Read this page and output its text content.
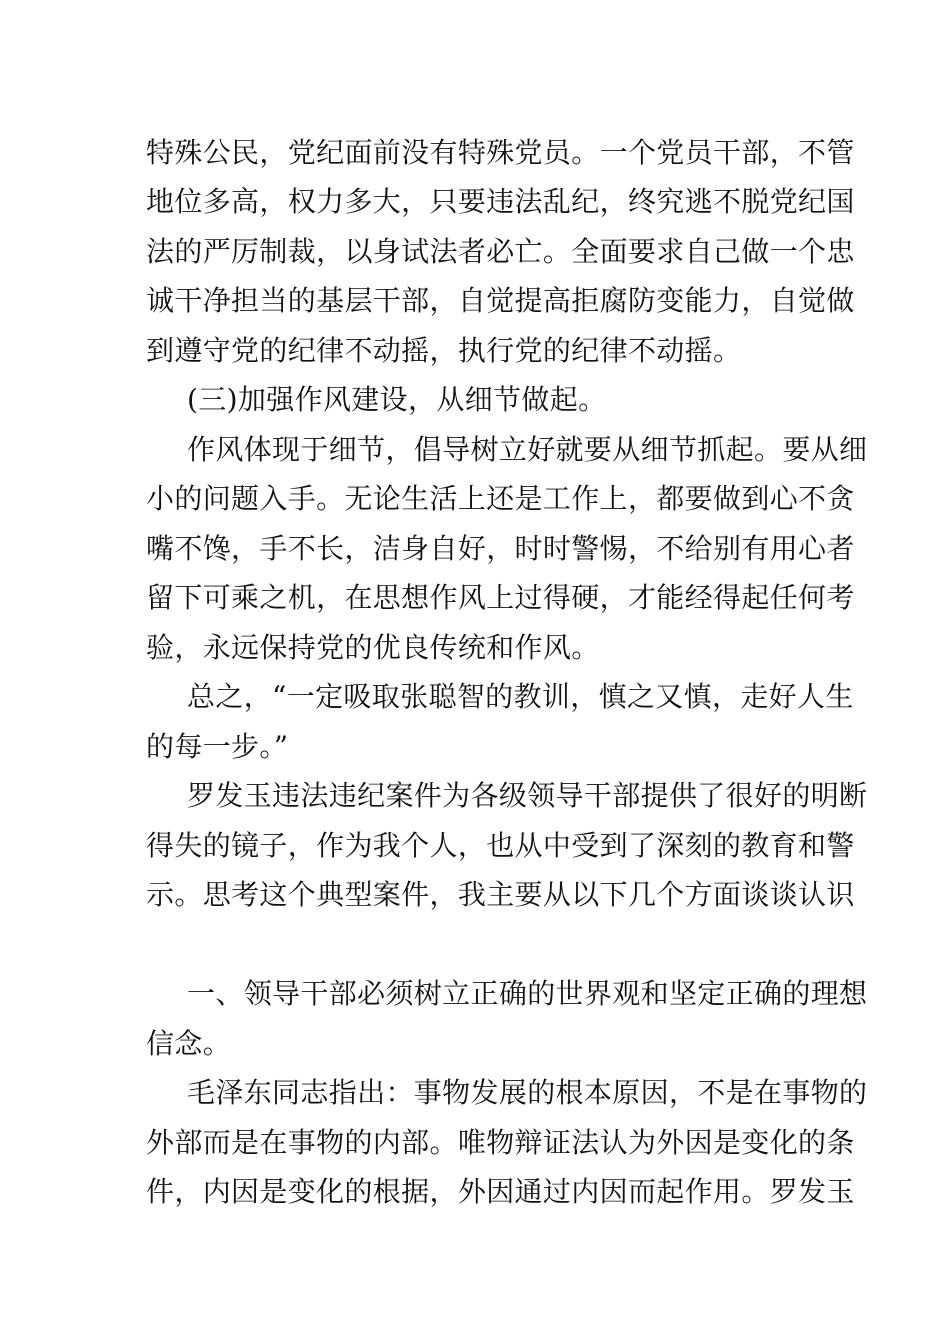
特殊公民，党纪面前没有特殊党员。一个党员干部，不管
地位多高，权力多大，只要违法乱纪，终究逃不脱党纪国
法的严厉制裁，以身试法者必亡。全面要求自己做一个忠
诚干净担当的基层干部，自觉提高拒腐防变能力，自觉做
到遵守党的纪律不动摇，执行党的纪律不动摇。
(三)加强作风建设，从细节做起。
作风体现于细节，倡导树立好就要从细节抓起。要从细
小的问题入手。无论生活上还是工作上，都要做到心不贪
嘴不馋，手不长，洁身自好，时时警惕，不给别有用心者
留下可乘之机，在思想作风上过得硬，才能经得起任何考
验，永远保持党的优良传统和作风。
总之，“一定吸取张聪智的教训，慎之又慎，走好人生
的每一步。”
罗发玉违法违纪案件为各级领导干部提供了很好的明断
得失的镜子，作为我个人，也从中受到了深刻的教育和警
示。思考这个典型案件，我主要从以下几个方面谈谈认识
一、领导干部必须树立正确的世界观和坚定正确的理想
信念。
毛泽东同志指出：事物发展的根本原因，不是在事物的
外部而是在事物的内部。唯物辩证法认为外因是变化的条
件，内因是变化的根据，外因通过内因而起作用。罗发玉
